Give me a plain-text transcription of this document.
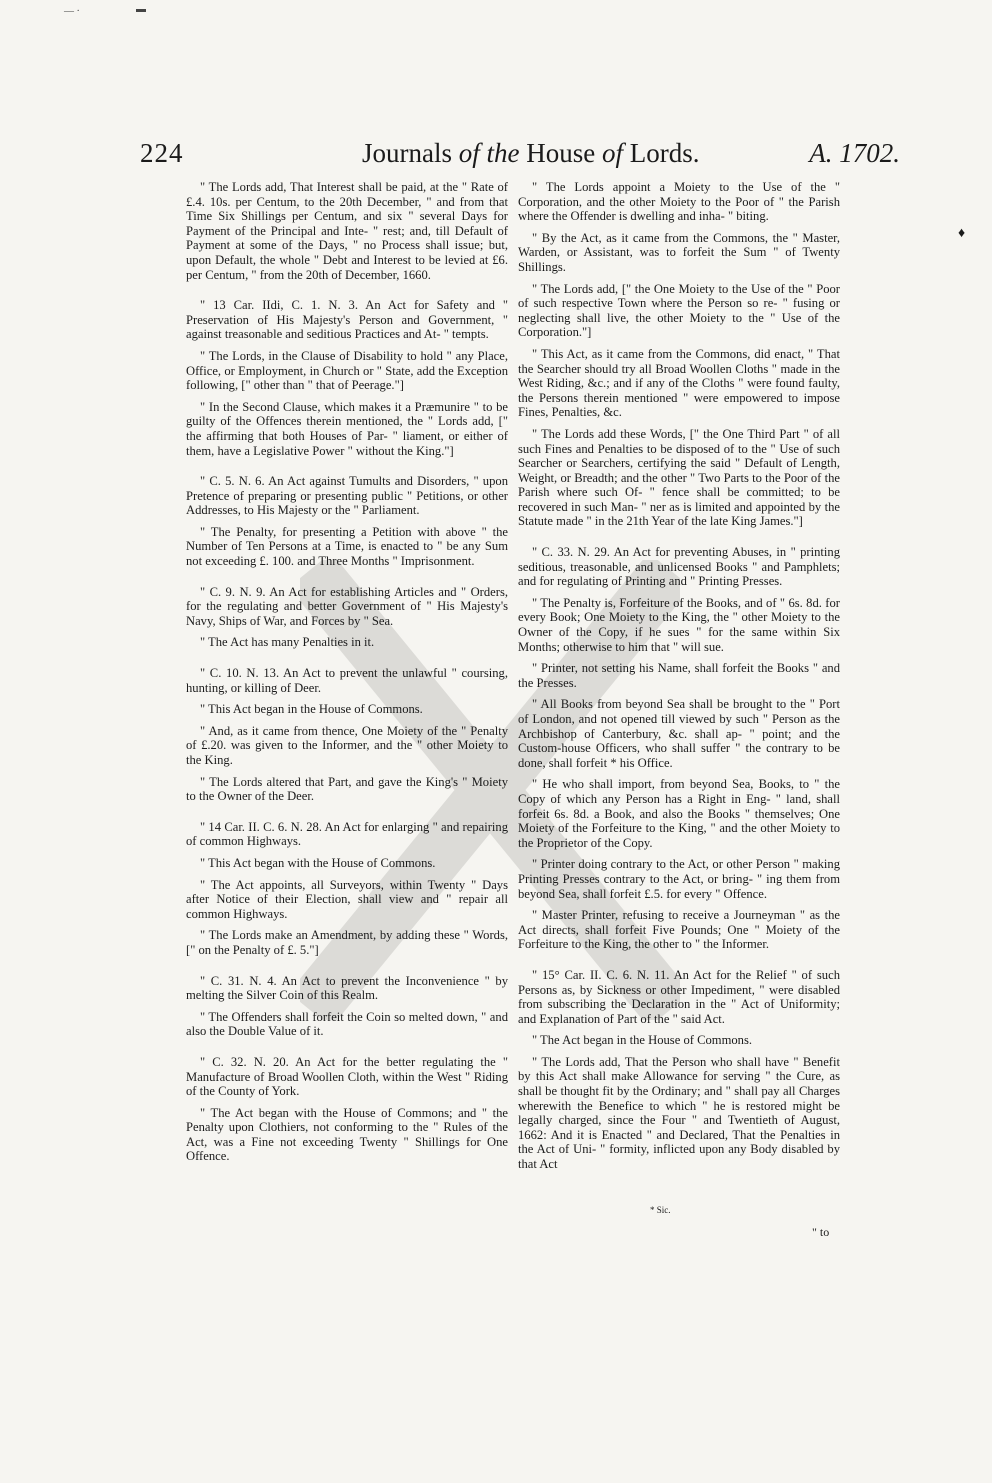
— ·	▬
224	Journals of the House of Lords.	A. 1702.
♦

" The Lords add, That Interest shall be paid, at the " Rate of £.4. 10s. per Centum, to the 20th December, " and from that Time Six Shillings per Centum, and six " several Days for Payment of the Principal and Inte- " rest; and, till Default of Payment at some of the Days, " no Process shall issue; but, upon Default, the whole " Debt and Interest to be levied at £6. per Centum, " from the 20th of December, 1660.

" 13 Car. IIdi, C. 1. N. 3. An Act for Safety and " Preservation of His Majesty's Person and Government, " against treasonable and seditious Practices and At- " tempts.

" The Lords, in the Clause of Disability to hold " any Place, Office, or Employment, in Church or " State, add the Exception following, [" other than " that of Peerage."]

" In the Second Clause, which makes it a Præmunire " to be guilty of the Offences therein mentioned, the " Lords add, [" the affirming that both Houses of Par- " liament, or either of them, have a Legislative Power " without the King."]

" C. 5. N. 6. An Act against Tumults and Disorders, " upon Pretence of preparing or presenting public " Petitions, or other Addresses, to His Majesty or the " Parliament.

" The Penalty, for presenting a Petition with above " the Number of Ten Persons at a Time, is enacted to " be any Sum not exceeding £. 100. and Three Months " Imprisonment.

" C. 9. N. 9. An Act for establishing Articles and " Orders, for the regulating and better Government of " His Majesty's Navy, Ships of War, and Forces by " Sea.

" The Act has many Penalties in it.

" C. 10. N. 13. An Act to prevent the unlawful " coursing, hunting, or killing of Deer.

" This Act began in the House of Commons.

" And, as it came from thence, One Moiety of the " Penalty of £.20. was given to the Informer, and the " other Moiety to the King.

" The Lords altered that Part, and gave the King's " Moiety to the Owner of the Deer.

" 14 Car. II. C. 6. N. 28. An Act for enlarging " and repairing of common Highways.

" This Act began with the House of Commons.

" The Act appoints, all Surveyors, within Twenty " Days after Notice of their Election, shall view and " repair all common Highways.

" The Lords make an Amendment, by adding these " Words, [" on the Penalty of £. 5."]

" C. 31. N. 4. An Act to prevent the Inconvenience " by melting the Silver Coin of this Realm.

" The Offenders shall forfeit the Coin so melted down, " and also the Double Value of it.

" C. 32. N. 20. An Act for the better regulating the " Manufacture of Broad Woollen Cloth, within the West " Riding of the County of York.

" The Act began with the House of Commons; and " the Penalty upon Clothiers, not conforming to the " Rules of the Act, was a Fine not exceeding Twenty " Shillings for One Offence.

" The Lords appoint a Moiety to the Use of the " Corporation, and the other Moiety to the Poor of " the Parish where the Offender is dwelling and inha- " biting.

" By the Act, as it came from the Commons, the " Master, Warden, or Assistant, was to forfeit the Sum " of Twenty Shillings.

" The Lords add, [" the One Moiety to the Use of the " Poor of such respective Town where the Person so re- " fusing or neglecting shall live, the other Moiety to the " Use of the Corporation."]

" This Act, as it came from the Commons, did enact, " That the Searcher should try all Broad Woollen Cloths " made in the West Riding, &c.; and if any of the Cloths " were found faulty, the Persons therein mentioned " were empowered to impose Fines, Penalties, &c.

" The Lords add these Words, [" the One Third Part " of all such Fines and Penalties to be disposed of to the " Use of such Searcher or Searchers, certifying the said " Default of Length, Weight, or Breadth; and the other " Two Parts to the Poor of the Parish where such Of- " fence shall be committed; to be recovered in such Man- " ner as is limited and appointed by the Statute made " in the 21th Year of the late King James."]

" C. 33. N. 29. An Act for preventing Abuses, in " printing seditious, treasonable, and unlicensed Books " and Pamphlets; and for regulating of Printing and " Printing Presses.

" The Penalty is, Forfeiture of the Books, and of " 6s. 8d. for every Book; One Moiety to the King, the " other Moiety to the Owner of the Copy, if he sues " for the same within Six Months; otherwise to him that " will sue.

" Printer, not setting his Name, shall forfeit the Books " and the Presses.

" All Books from beyond Sea shall be brought to the " Port of London, and not opened till viewed by such " Person as the Archbishop of Canterbury, &c. shall ap- " point; and the Custom-house Officers, who shall suffer " the contrary to be done, shall forfeit * his Office.

" He who shall import, from beyond Sea, Books, to " the Copy of which any Person has a Right in Eng- " land, shall forfeit 6s. 8d. a Book, and also the Books " themselves; One Moiety of the Forfeiture to the King, " and the other Moiety to the Proprietor of the Copy.

" Printer doing contrary to the Act, or other Person " making Printing Presses contrary to the Act, or bring- " ing them from beyond Sea, shall forfeit £.5. for every " Offence.

" Master Printer, refusing to receive a Journeyman " as the Act directs, shall forfeit Five Pounds; One " Moiety of the Forfeiture to the King, the other to " the Informer.

" 15° Car. II. C. 6. N. 11. An Act for the Relief " of such Persons as, by Sickness or other Impediment, " were disabled from subscribing the Declaration in the " Act of Uniformity; and Explanation of Part of the " said Act.

" The Act began in the House of Commons.

" The Lords add, That the Person who shall have " Benefit by this Act shall make Allowance for serving " the Cure, as shall be thought fit by the Ordinary; and " shall pay all Charges wherewith the Benefice to which " he is restored might be legally charged, since the Four " and Twentieth of August, 1662: And it is Enacted " and Declared, That the Penalties in the Act of Uni- " formity, inflicted upon any Body disabled by that Act

* Sic.
" to
